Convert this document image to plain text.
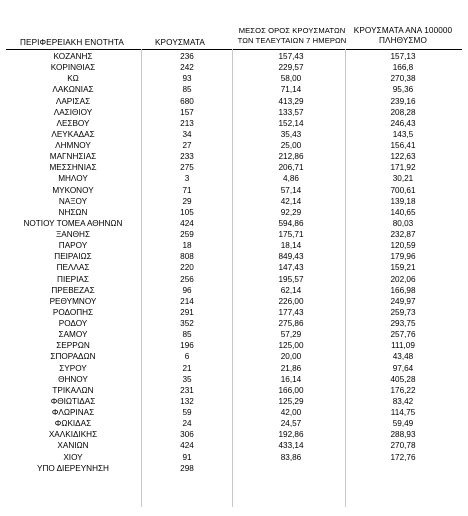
ΠΕΡΙΦΕΡΕΙΑΚΗ ΕΝΟΤΗΤΑ	ΚΡΟΥΣΜΑΤΑ
ΜΕΣΟΣ ΟΡΟΣ ΚΡΟΥΣΜΑΤΩΝ
ΤΩΝ ΤΕΛΕΥΤΑΙΩΝ 7 ΗΜΕΡΩΝ
ΚΡΟΥΣΜΑΤΑ ΑΝΑ 100000
ΠΛΗΘΥΣΜΟ
ΚΟΖΑΝΗΣ	236	157,43	157,13
ΚΟΡΙΝΘΙΑΣ	242	229,57	166,8
ΚΩ	93	58,00	270,38
ΛΑΚΩΝΙΑΣ	85	71,14	95,36
ΛΑΡΙΣΑΣ	680	413,29	239,16
ΛΑΣΙΘΙΟΥ	157	133,57	208,28
ΛΕΣΒΟΥ	213	152,14	246,43
ΛΕΥΚΑΔΑΣ	34	35,43	143,5
ΛΗΜΝΟΥ	27	25,00	156,41
ΜΑΓΝΗΣΙΑΣ	233	212,86	122,63
ΜΕΣΣΗΝΙΑΣ	275	206,71	171,92
ΜΗΛΟΥ	3	4,86	30,21
ΜΥΚΟΝΟΥ	71	57,14	700,61
ΝΑΞΟΥ	29	42,14	139,18
ΝΗΣΩΝ	105	92,29	140,65
ΝΟΤΙΟΥ ΤΟΜΕΑ ΑΘΗΝΩΝ	424	594,86	80,03
ΞΑΝΘΗΣ	259	175,71	232,87
ΠΑΡΟΥ	18	18,14	120,59
ΠΕΙΡΑΙΩΣ	808	849,43	179,96
ΠΕΛΛΑΣ	220	147,43	159,21
ΠΙΕΡΙΑΣ	256	195,57	202,06
ΠΡΕΒΕΖΑΣ	96	62,14	166,98
ΡΕΘΥΜΝΟΥ	214	226,00	249,97
ΡΟΔΟΠΗΣ	291	177,43	259,73
ΡΟΔΟΥ	352	275,86	293,75
ΣΑΜΟΥ	85	57,29	257,76
ΣΕΡΡΩΝ	196	125,00	111,09
ΣΠΟΡΑΔΩΝ	6	20,00	43,48
ΣΥΡΟΥ	21	21,86	97,64
ΘΗΝΟΥ	35	16,14	405,28
ΤΡΙΚΑΛΩΝ	231	166,00	176,22
ΦΘΙΩΤΙΔΑΣ	132	125,29	83,42
ΦΛΩΡΙΝΑΣ	59	42,00	114,75
ΦΩΚΙΔΑΣ	24	24,57	59,49
ΧΑΛΚΙΔΙΚΗΣ	306	192,86	288,93
ΧΑΝΙΩΝ	424	433,14	270,78
ΧΙΟΥ	91	83,86	172,76
ΥΠΟ ΔΙΕΡΕΥΝΗΣΗ	298
